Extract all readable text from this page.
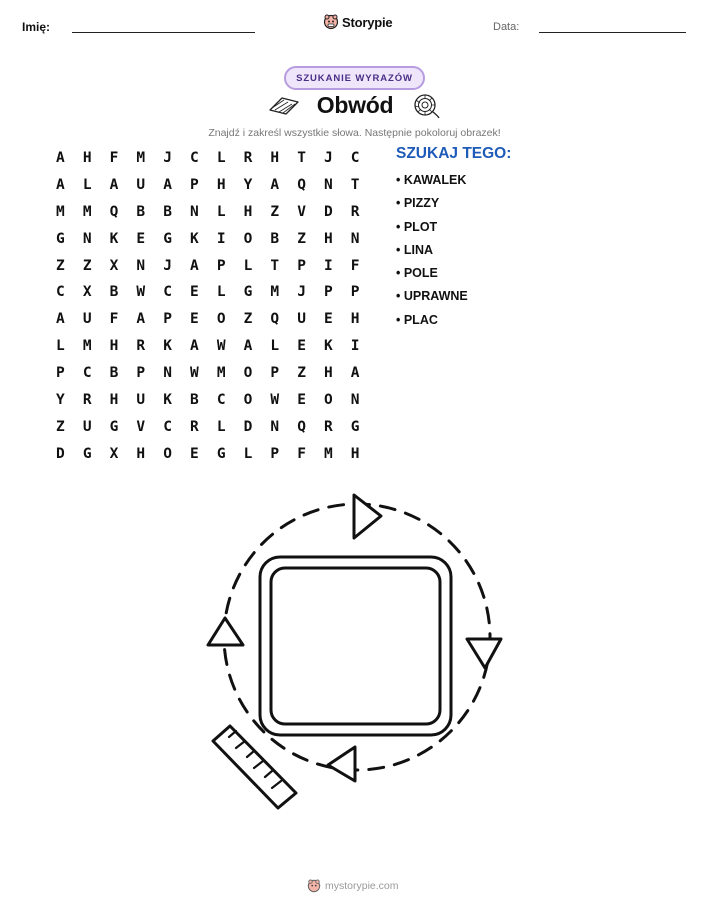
Imię:	Storypie	Data:
SZUKANIE WYRAZÓW
Obwód
Znajdź i zakreśl wszystkie słowa. Następnie pokoloruj obrazek!
A	H	F	M	J	C	L	R	H	T	J	C
A	L	A	U	A	P	H	Y	A	Q	N	T
M	M	Q	B	B	N	L	H	Z	V	D	R
G	N	K	E	G	K	I	O	B	Z	H	N
Z	Z	X	N	J	A	P	L	T	P	I	F
C	X	B	W	C	E	L	G	M	J	P	P
A	U	F	A	P	E	O	Z	Q	U	E	H
L	M	H	R	K	A	W	A	L	E	K	I
P	C	B	P	N	W	M	O	P	Z	H	A
Y	R	H	U	K	B	C	O	W	E	O	N
Z	U	G	V	C	R	L	D	N	Q	R	G
D	G	X	H	O	E	G	L	P	F	M	H
SZUKAJ TEGO:
• KAWALEK
• PIZZY
• PLOT
• LINA
• POLE
• UPRAWNE
• PLAC
mystorypie.com
